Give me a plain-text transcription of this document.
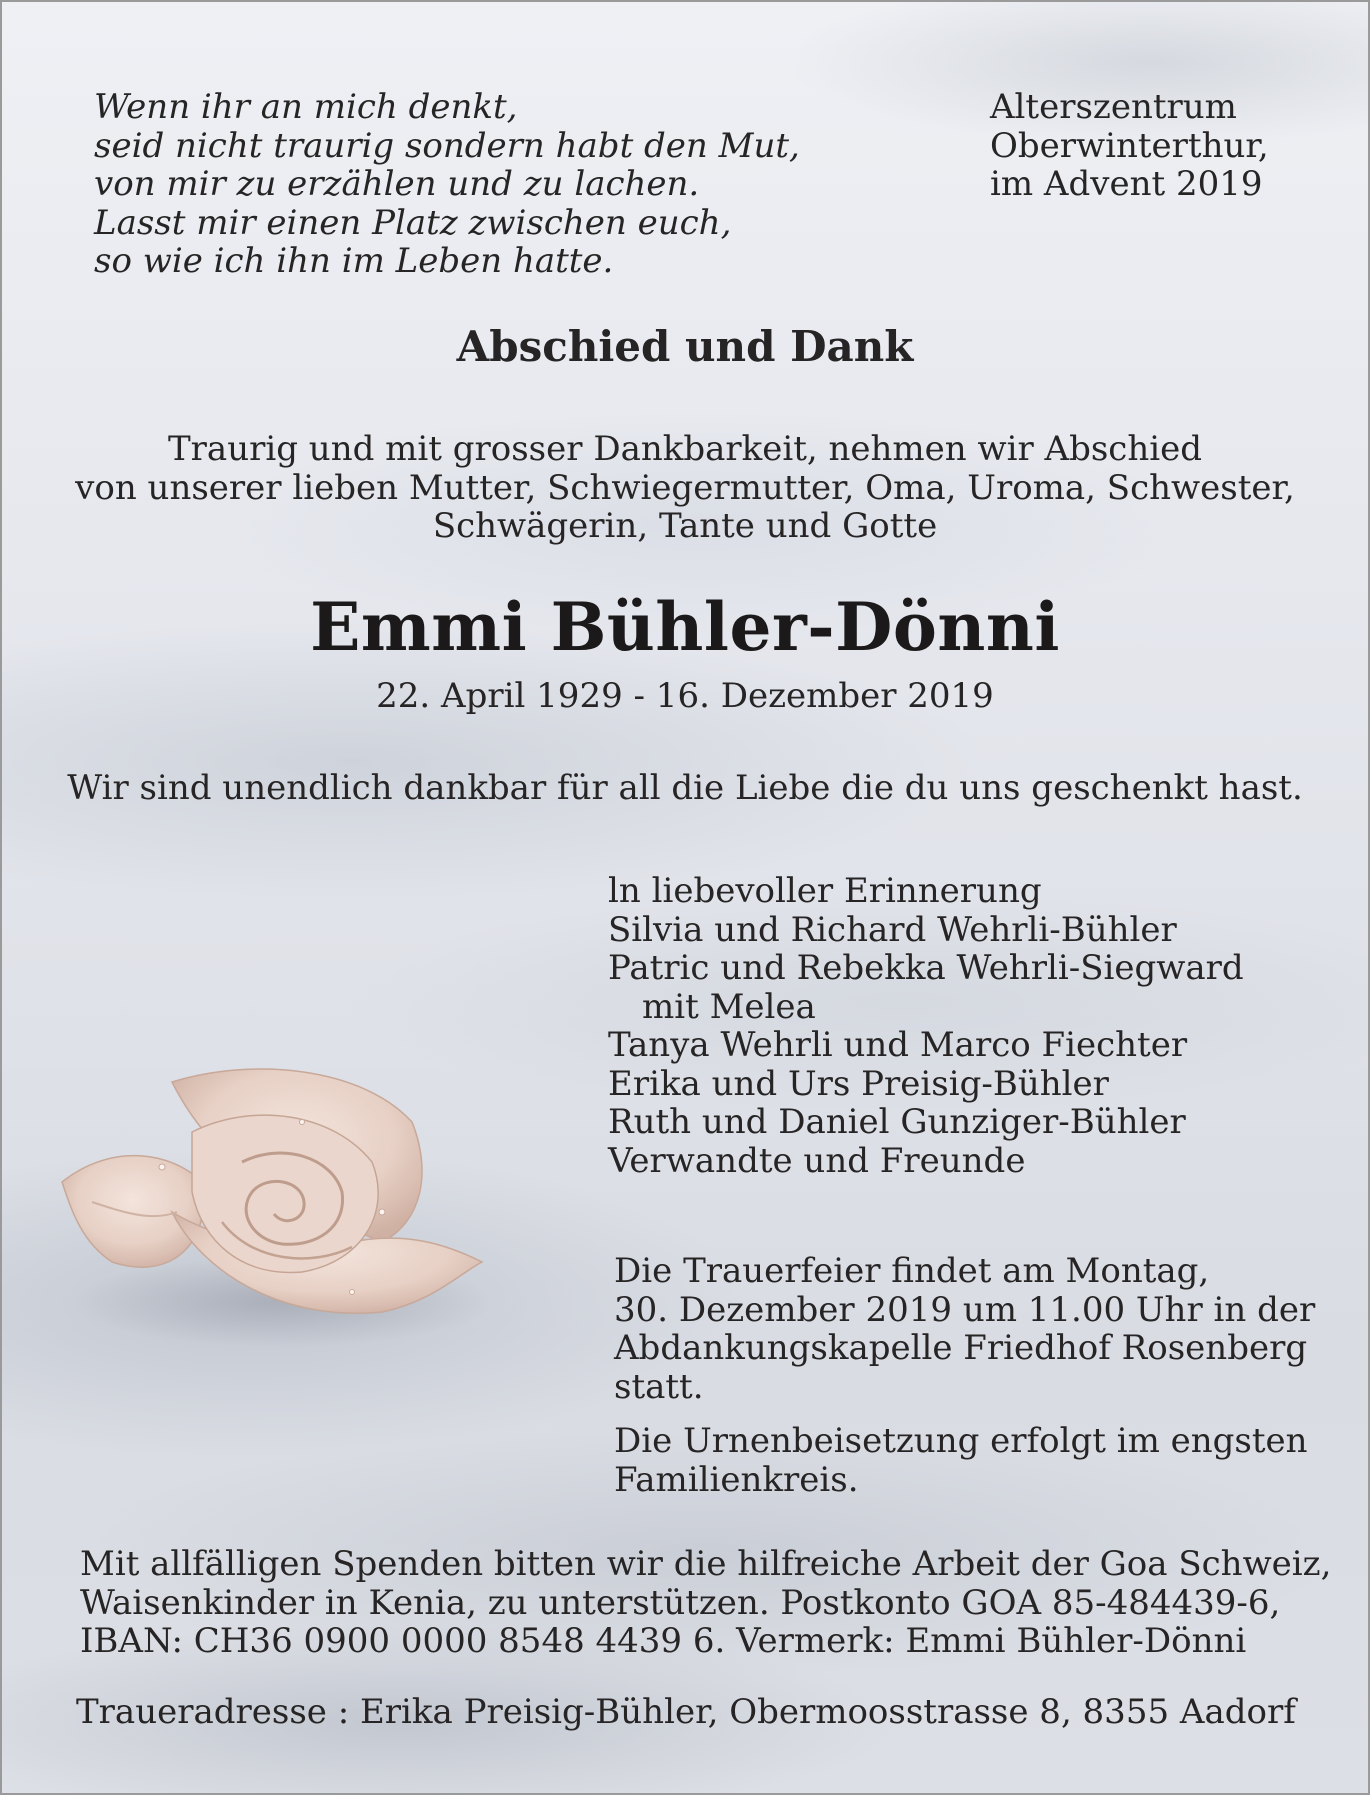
Wenn ihr an mich denkt,
seid nicht traurig sondern habt den Mut,
von mir zu erzählen und zu lachen.
Lasst mir einen Platz zwischen euch,
so wie ich ihn im Leben hatte.
Alterszentrum
Oberwinterthur,
im Advent 2019
Abschied und Dank
Traurig und mit grosser Dankbarkeit, nehmen wir Abschied
von unserer lieben Mutter, Schwiegermutter, Oma, Uroma, Schwester,
Schwägerin, Tante und Gotte
Emmi Bühler-Dönni
22. April 1929 - 16. Dezember 2019
Wir sind unendlich dankbar für all die Liebe die du uns geschenkt hast.
ln liebevoller Erinnerung
Silvia und Richard Wehrli-Bühler
Patric und Rebekka Wehrli-Siegward
mit Melea
Tanya Wehrli und Marco Fiechter
Erika und Urs Preisig-Bühler
Ruth und Daniel Gunziger-Bühler
Verwandte und Freunde
Die Trauerfeier findet am Montag,
30. Dezember 2019 um 11.00 Uhr in der
Abdankungskapelle Friedhof Rosenberg
statt.
Die Urnenbeisetzung erfolgt im engsten
Familienkreis.
Mit allfälligen Spenden bitten wir die hilfreiche Arbeit der Goa Schweiz,
Waisenkinder in Kenia, zu unterstützen. Postkonto GOA 85-484439-6,
IBAN: CH36 0900 0000 8548 4439 6. Vermerk: Emmi Bühler-Dönni
Traueradresse : Erika Preisig-Bühler, Obermoosstrasse 8, 8355 Aadorf
